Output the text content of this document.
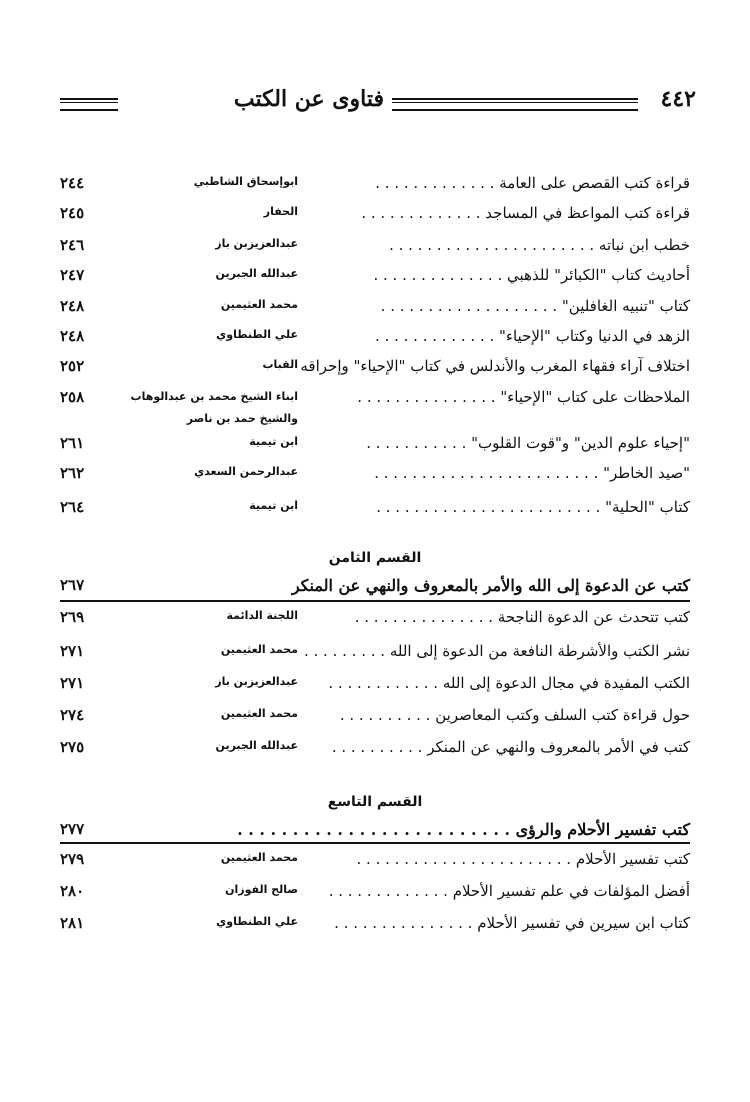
٤٤٢
فتاوى عن الكتب
قراءة كتب القصص على العامة . . . . . . . . . . . . .
ابوإسحاق الشاطبي
٢٤٤
قراءة كتب المواعظ في المساجد . . . . . . . . . . . . .
الحفار
٢٤٥
خطب ابن نباته . . . . . . . . . . . . . . . . . . . . . .
عبدالعزيزبن باز
٢٤٦
أحاديث كتاب "الكبائر" للذهبي . . . . . . . . . . . . . .
عبدالله الجبرين
٢٤٧
كتاب "تنبيه الغافلين" . . . . . . . . . . . . . . . . . . .
محمد العثيمين
٢٤٨
الزهد في الدنيا وكتاب "الإحياء" . . . . . . . . . . . . .
علي الطنطاوي
٢٤٨
اختلاف آراء فقهاء المغرب والأندلس في كتاب "الإحياء" وإحراقه
القباب
٢٥٢
الملاحظات على كتاب "الإحياء" . . . . . . . . . . . . . . .
ابناء الشيخ محمد بن عبدالوهاب
والشيخ حمد بن ناصر
٢٥٨
"إحياء علوم الدين" و"قوت القلوب" . . . . . . . . . . .
ابن تيمية
٢٦١
"صيد الخاطر" . . . . . . . . . . . . . . . . . . . . . . . .
عبدالرحمن السعدي
٢٦٢
كتاب "الحلية" . . . . . . . . . . . . . . . . . . . . . . . .
ابن تيمية
٢٦٤
القسم الثامن
كتب عن الدعوة إلى الله والأمر بالمعروف والنهي عن المنكر
٢٦٧
كتب تتحدث عن الدعوة الناجحة . . . . . . . . . . . . . . .
اللجنة الدائمة
٢٦٩
نشر الكتب والأشرطة النافعة من الدعوة إلى الله . . . . . . . . .
محمد العثيمين
٢٧١
الكتب المفيدة في مجال الدعوة إلى الله . . . . . . . . . . . .
عبدالعزيزبن باز
٢٧١
حول قراءة كتب السلف وكتب المعاصرين . . . . . . . . . .
محمد العثيمين
٢٧٤
كتب في الأمر بالمعروف والنهي عن المنكر . . . . . . . . . .
عبدالله الجبرين
٢٧٥
القسم التاسع
كتب تفسير الأحلام والرؤى . . . . . . . . . . . . . . . . . . . . . . . . .
٢٧٧
كتب تفسير الأحلام . . . . . . . . . . . . . . . . . . . . . . .
محمد العثيمين
٢٧٩
أفضل المؤلفات في علم تفسير الأحلام . . . . . . . . . . . . .
صالح الفوزان
٢٨٠
كتاب ابن سيرين في تفسير الأحلام . . . . . . . . . . . . . . .
علي الطنطاوي
٢٨١
